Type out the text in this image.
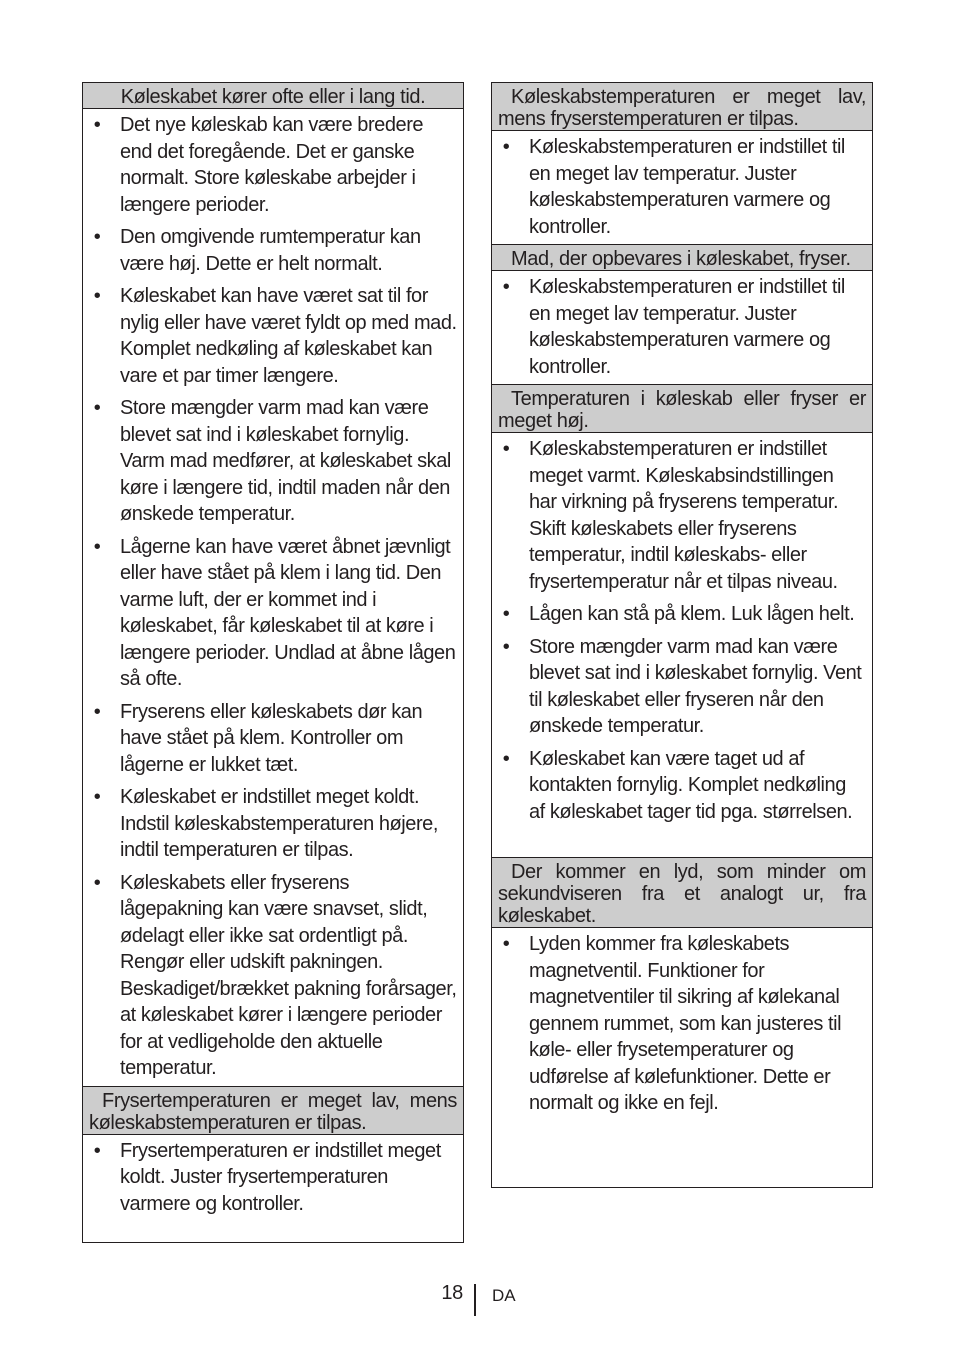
Køleskabet kører ofte eller i lang tid.
• Det nye køleskab kan være bredere end det foregående. Det er ganske normalt. Store køleskabe arbejder i længere perioder.
• Den omgivende rumtemperatur kan være høj. Dette er helt normalt.
• Køleskabet kan have været sat til for nylig eller have været fyldt op med mad. Komplet nedkøling af køleskabet kan vare et par timer længere.
• Store mængder varm mad kan være blevet sat ind i køleskabet fornylig. Varm mad medfører, at køleskabet skal køre i længere tid, indtil maden når den ønskede temperatur.
• Lågerne kan have været åbnet jævnligt eller have stået på klem i lang tid. Den varme luft, der er kommet ind i køleskabet, får køleskabet til at køre i længere perioder. Undlad at åbne lågen så ofte.
• Fryserens eller køleskabets dør kan have stået på klem. Kontroller om lågerne er lukket tæt.
• Køleskabet er indstillet meget koldt. Indstil køleskabstemperaturen højere, indtil temperaturen er tilpas.
• Køleskabets eller fryserens lågepakning kan være snavset, slidt, ødelagt eller ikke sat ordentligt på. Rengør eller udskift pakningen. Beskadiget/brækket pakning forårsager, at køleskabet kører i længere perioder for at vedligeholde den aktuelle temperatur.
Frysertemperaturen er meget lav, mens køleskabstemperaturen er tilpas.
• Frysertemperaturen er indstillet meget koldt. Juster frysertemperaturen varmere og kontroller.
Køleskabstemperaturen er meget lav, mens fryserstemperaturen er tilpas.
• Køleskabstemperaturen er indstillet til en meget lav temperatur. Juster køleskabstemperaturen varmere og kontroller.
Mad, der opbevares i køleskabet, fryser.
• Køleskabstemperaturen er indstillet til en meget lav temperatur. Juster køleskabstemperaturen varmere og kontroller.
Temperaturen i køleskab eller fryser er meget høj.
• Køleskabstemperaturen er indstillet meget varmt. Køleskabsindstillingen har virkning på fryserens temperatur. Skift køleskabets eller fryserens temperatur, indtil køleskabs- eller frysertemperatur når et tilpas niveau.
• Lågen kan stå på klem. Luk lågen helt.
• Store mængder varm mad kan være blevet sat ind i køleskabet fornylig. Vent til køleskabet eller fryseren når den ønskede temperatur.
• Køleskabet kan være taget ud af kontakten fornylig. Komplet nedkøling af køleskabet tager tid pga. størrelsen.
Der kommer en lyd, som minder om sekundviseren fra et analogt ur, fra køleskabet.
• Lyden kommer fra køleskabets magnetventil. Funktioner for magnetventiler til sikring af kølekanal gennem rummet, som kan justeres til køle- eller frysetemperaturer og udførelse af kølefunktioner. Dette er normalt og ikke en fejl.
18 DA
